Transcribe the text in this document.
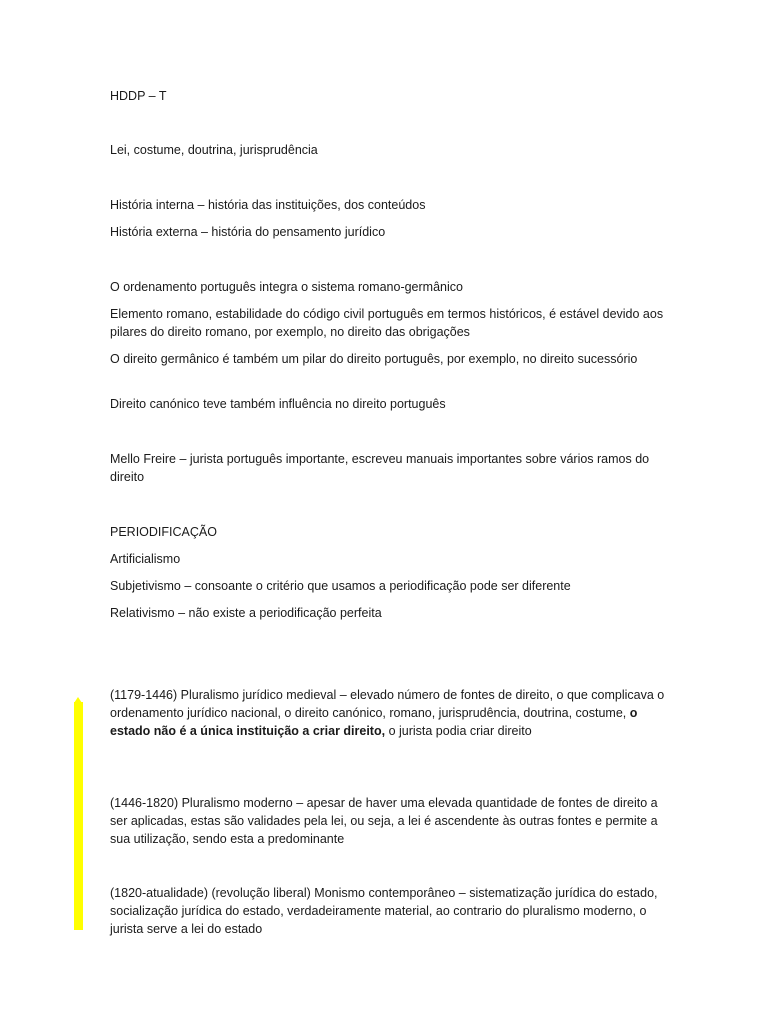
HDDP – T

Lei, costume, doutrina, jurisprudência

História interna – história das instituições, dos conteúdos

História externa – história do pensamento jurídico

O ordenamento português integra o sistema romano-germânico

Elemento romano, estabilidade do código civil português em termos históricos, é estável devido aos pilares do direito romano, por exemplo, no direito das obrigações

O direito germânico é também um pilar do direito português, por exemplo, no direito sucessório

Direito canónico teve também influência no direito português

Mello Freire – jurista português importante, escreveu manuais importantes sobre vários ramos do direito

PERIODIFICAÇÃO

Artificialismo

Subjetivismo – consoante o critério que usamos a periodificação pode ser diferente

Relativismo – não existe a periodificação perfeita

(1179-1446) Pluralismo jurídico medieval – elevado número de fontes de direito, o que complicava o ordenamento jurídico nacional, o direito canónico, romano, jurisprudência, doutrina, costume, o estado não é a única instituição a criar direito, o jurista podia criar direito

(1446-1820) Pluralismo moderno – apesar de haver uma elevada quantidade de fontes de direito a ser aplicadas, estas são validades pela lei, ou seja, a lei é ascendente às outras fontes e permite a sua utilização, sendo esta a predominante

(1820-atualidade) (revolução liberal) Monismo contemporâneo – sistematização jurídica do estado, socialização jurídica do estado, verdadeiramente material, ao contrario do pluralismo moderno, o jurista serve a lei do estado
